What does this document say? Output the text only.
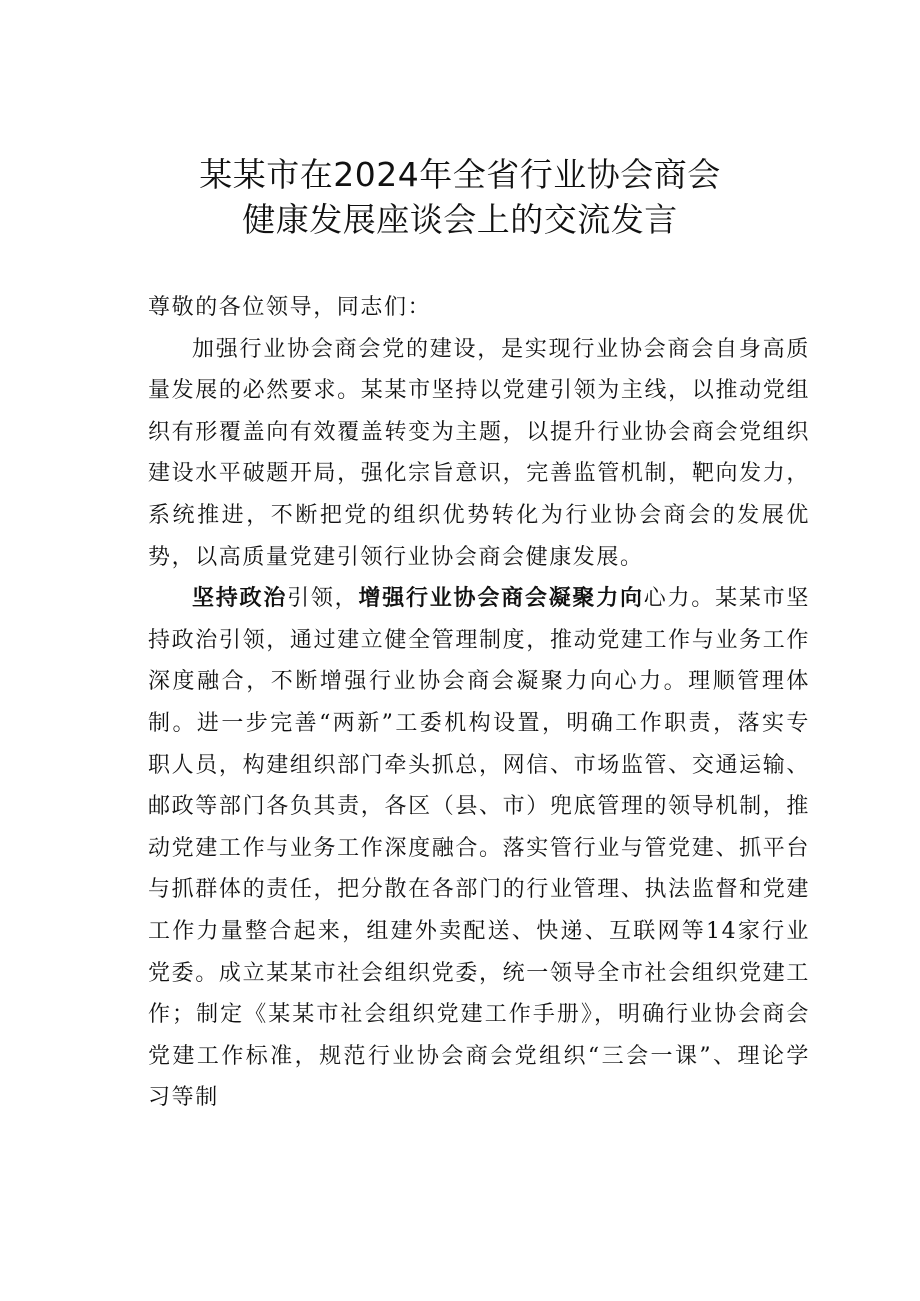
某某市在2024年全省行业协会商会
健康发展座谈会上的交流发言

尊敬的各位领导，同志们：

加强行业协会商会党的建设，是实现行业协会商会自身高质量发展的必然要求。某某市坚持以党建引领为主线，以推动党组织有形覆盖向有效覆盖转变为主题，以提升行业协会商会党组织建设水平破题开局，强化宗旨意识，完善监管机制，靶向发力，系统推进，不断把党的组织优势转化为行业协会商会的发展优势，以高质量党建引领行业协会商会健康发展。

坚持政治引领，增强行业协会商会凝聚力向心力。某某市坚持政治引领，通过建立健全管理制度，推动党建工作与业务工作深度融合，不断增强行业协会商会凝聚力向心力。理顺管理体制。进一步完善“两新”工委机构设置，明确工作职责，落实专职人员，构建组织部门牵头抓总，网信、市场监管、交通运输、邮政等部门各负其责，各区（县、市）兜底管理的领导机制，推动党建工作与业务工作深度融合。落实管行业与管党建、抓平台与抓群体的责任，把分散在各部门的行业管理、执法监督和党建工作力量整合起来，组建外卖配送、快递、互联网等14家行业党委。成立某某市社会组织党委，统一领导全市社会组织党建工作；制定《某某市社会组织党建工作手册》，明确行业协会商会党建工作标准，规范行业协会商会党组织“三会一课”、理论学习等制
